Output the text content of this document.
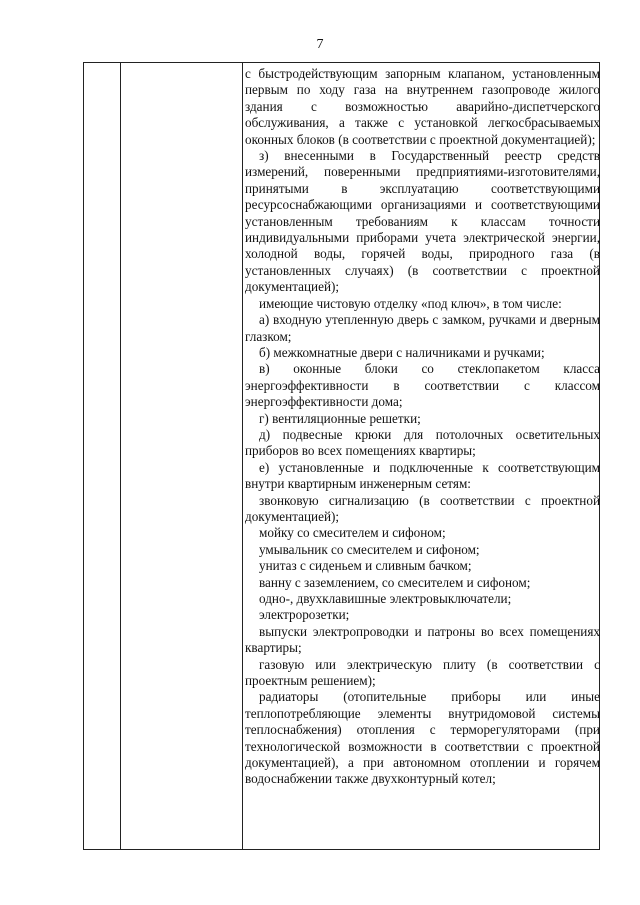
7

с быстродействующим запорным клапаном, установленным первым по ходу газа на внутреннем газопроводе жилого здания с возможностью аварийно-диспетчерского обслуживания, а также с установкой легкосбрасываемых оконных блоков (в соответствии с проектной документацией);

з) внесенными в Государственный реестр средств измерений, поверенными предприятиями-изготовителями, принятыми в эксплуатацию соответствующими ресурсоснабжающими организациями и соответствующими установленным требованиям к классам точности индивидуальными приборами учета электрической энергии, холодной воды, горячей воды, природного газа (в установленных случаях) (в соответствии с проектной документацией);

имеющие чистовую отделку «под ключ», в том числе:

а) входную утепленную дверь с замком, ручками и дверным глазком;

б) межкомнатные двери с наличниками и ручками;

в) оконные блоки со стеклопакетом класса энергоэффективности в соответствии с классом энергоэффективности дома;

г) вентиляционные решетки;

д) подвесные крюки для потолочных осветительных приборов во всех помещениях квартиры;

е) установленные и подключенные к соответствующим внутри квартирным инженерным сетям:

звонковую сигнализацию (в соответствии с проектной документацией);

мойку со смесителем и сифоном;

умывальник со смесителем и сифоном;

унитаз с сиденьем и сливным бачком;

ванну с заземлением, со смесителем и сифоном;

одно-, двухклавишные электровыключатели;

электророзетки;

выпуски электропроводки и патроны во всех помещениях квартиры;

газовую или электрическую плиту (в соответствии с проектным решением);

радиаторы (отопительные приборы или иные теплопотребляющие элементы внутридомовой системы теплоснабжения) отопления с терморегуляторами (при технологической возможности в соответствии с проектной документацией), а при автономном отоплении и горячем водоснабжении также двухконтурный котел;
